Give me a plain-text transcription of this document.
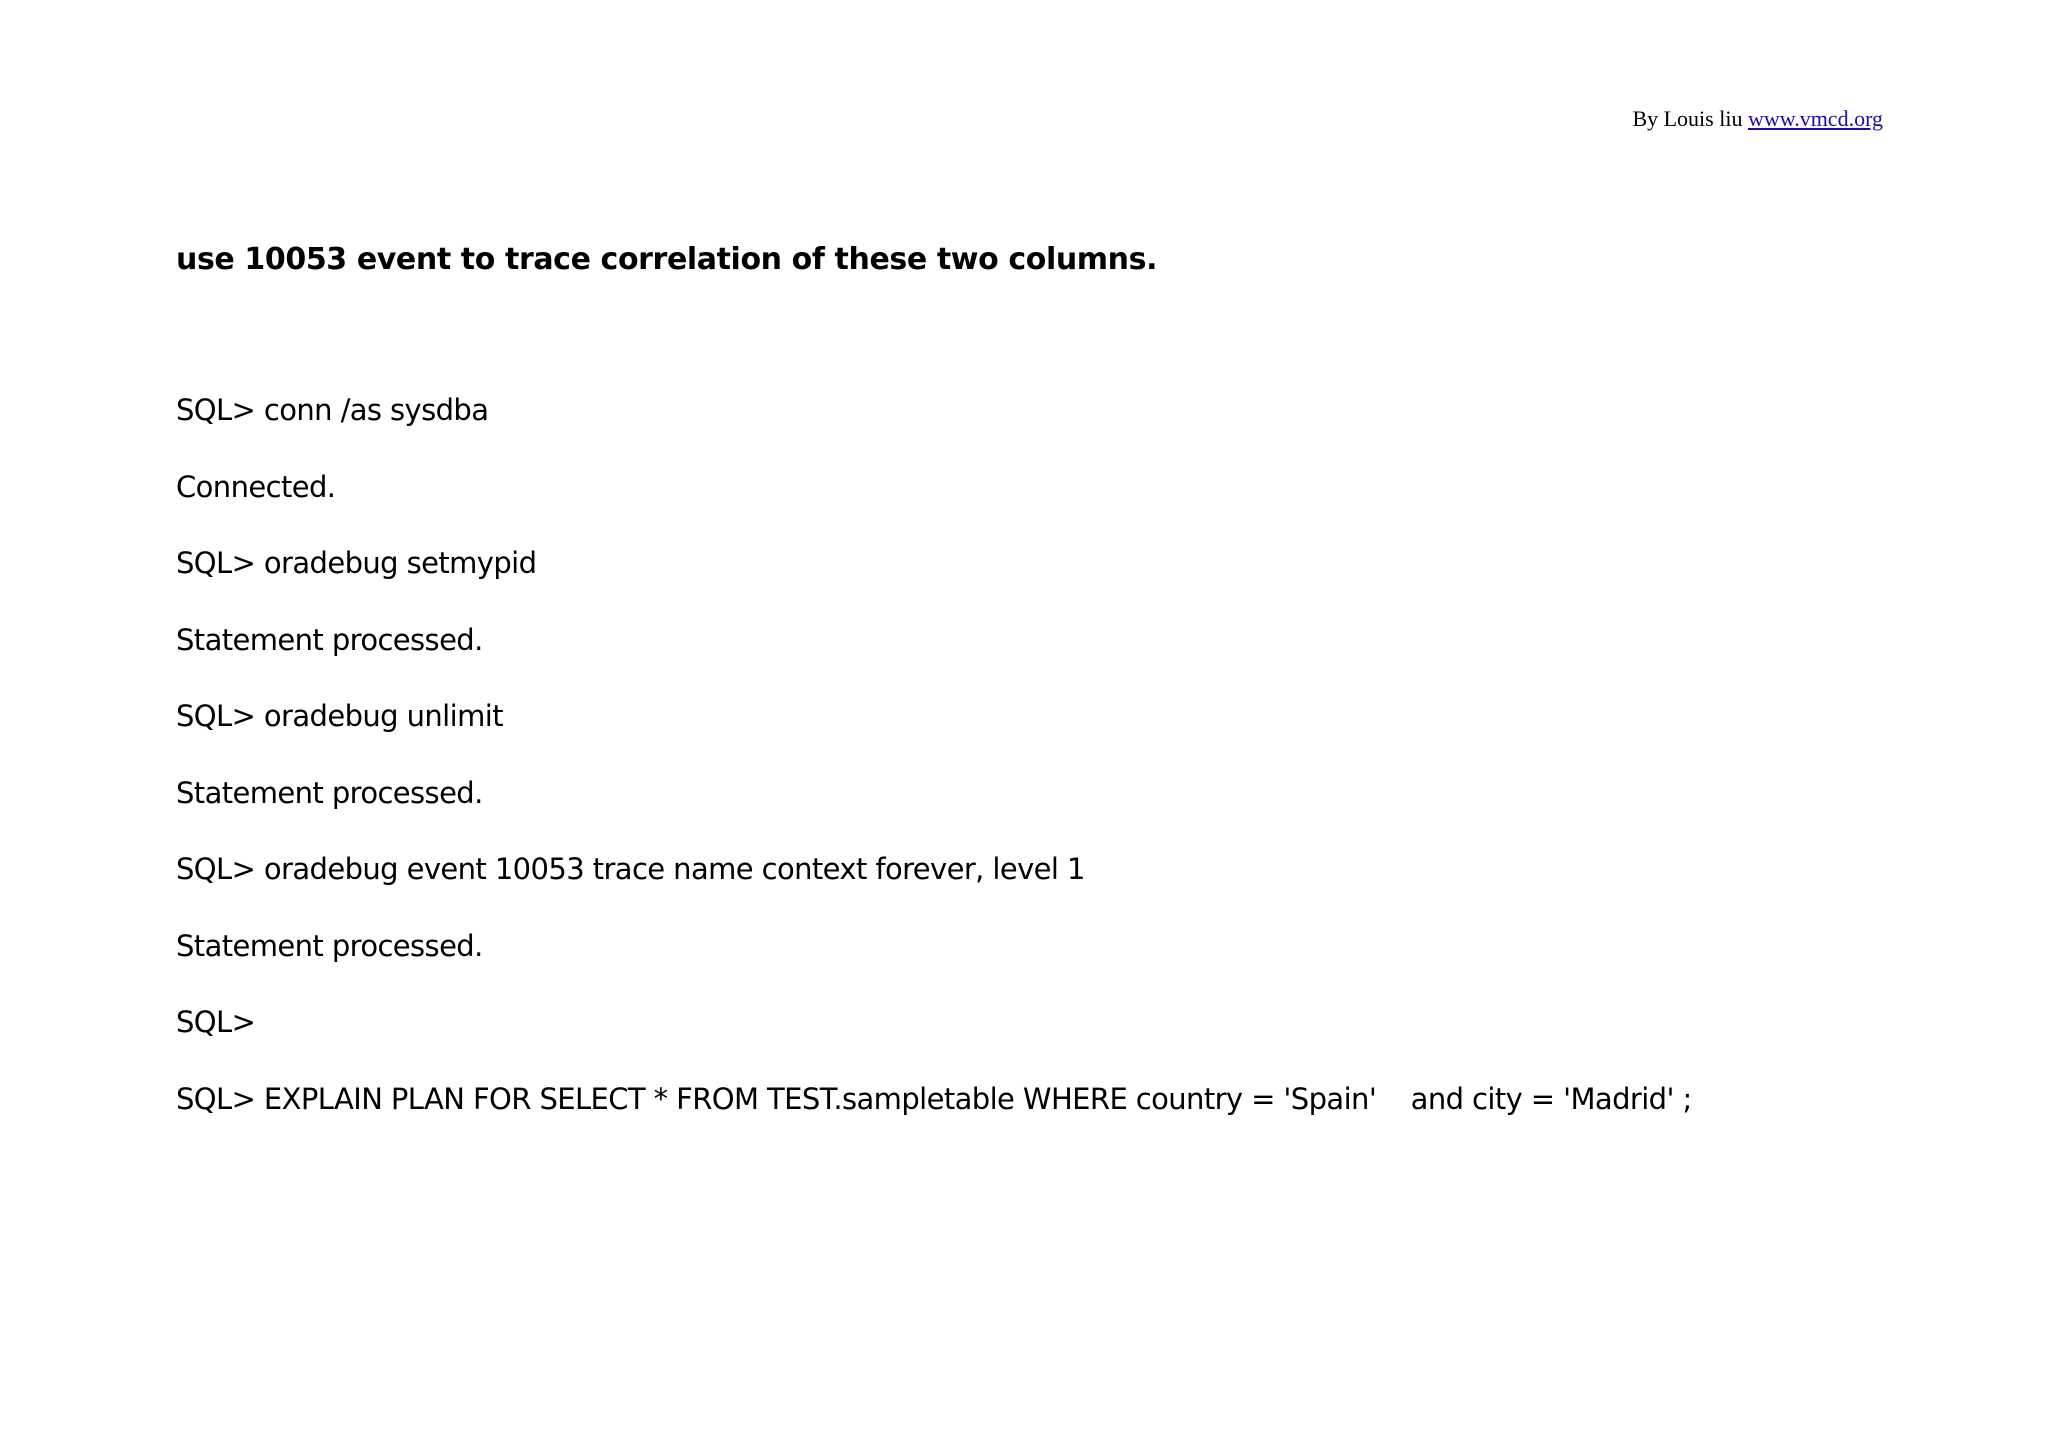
By Louis liu www.vmcd.org
use 10053 event to trace correlation of these two columns.
SQL> conn /as sysdba
Connected.
SQL> oradebug setmypid
Statement processed.
SQL> oradebug unlimit
Statement processed.
SQL> oradebug event 10053 trace name context forever, level 1
Statement processed.
SQL>
SQL> EXPLAIN PLAN FOR SELECT * FROM TEST.sampletable WHERE country = 'Spain'    and city = 'Madrid' ;
